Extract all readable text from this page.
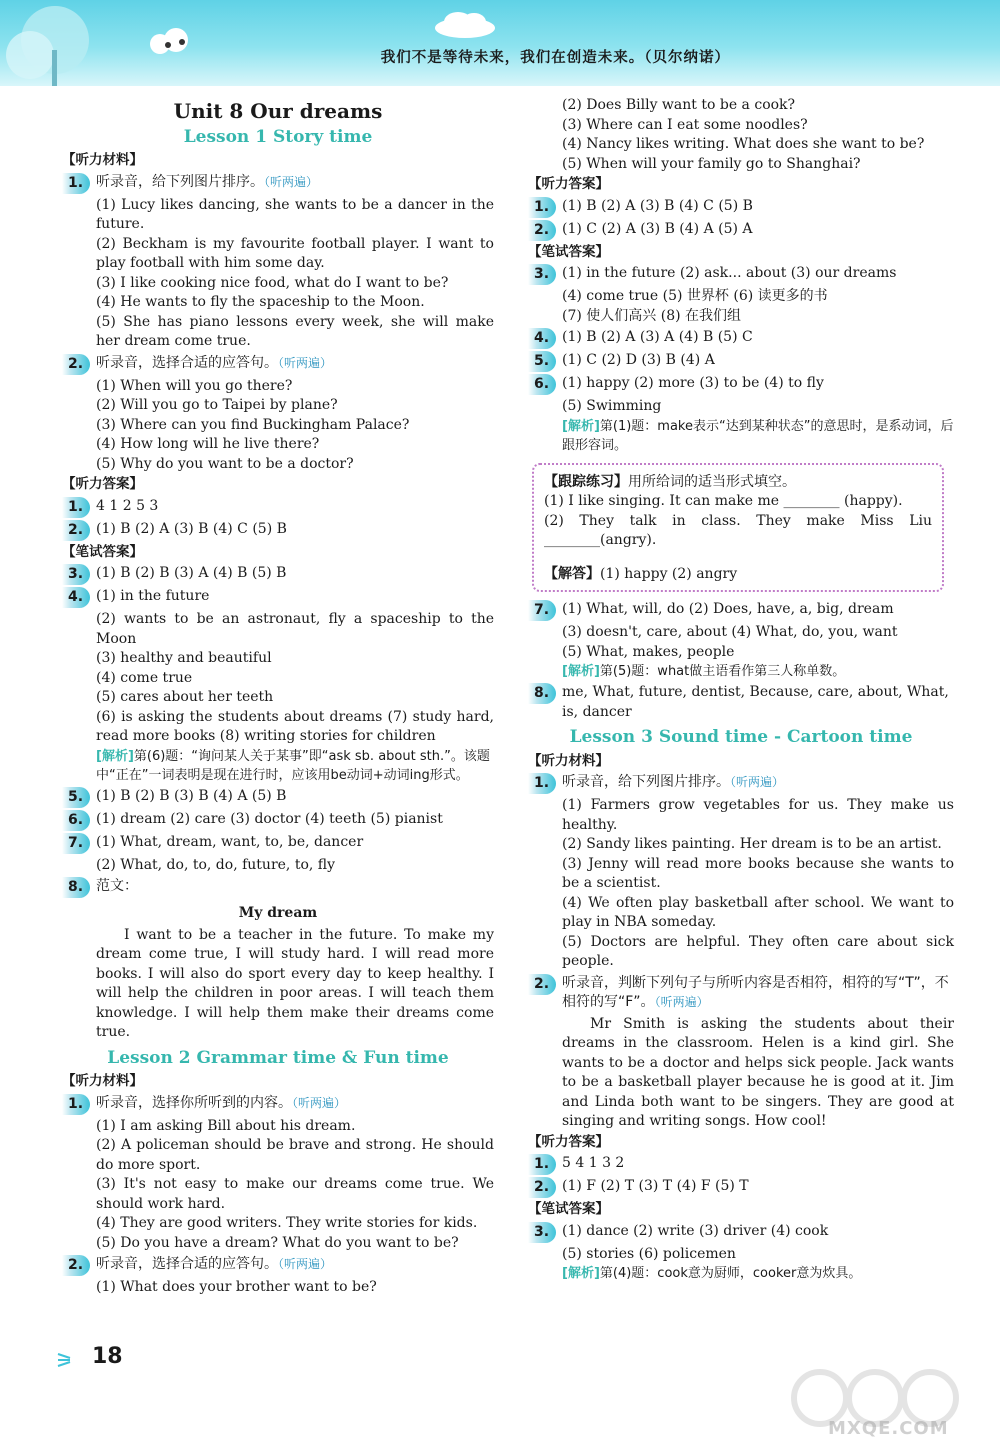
我们不是等待未来，我们在创造未来。（贝尔纳诺）
Unit 8 Our dreams
Lesson 1 Story time
【听力材料】
1. 听录音，给下列图片排序。（听两遍）
(1) Lucy likes dancing, she wants to be a dancer in the future.
(2) Beckham is my favourite football player. I want to play football with him some day.
(3) I like cooking nice food, what do I want to be?
(4) He wants to fly the spaceship to the Moon.
(5) She has piano lessons every week, she will make her dream come true.
2. 听录音，选择合适的应答句。（听两遍）
(1) When will you go there?
(2) Will you go to Taipei by plane?
(3) Where can you find Buckingham Palace?
(4) How long will he live there?
(5) Why do you want to be a doctor?
【听力答案】
1. 4 1 2 5 3
2. (1) B (2) A (3) B (4) C (5) B
【笔试答案】
3. (1) B (2) B (3) A (4) B (5) B
4. (1) in the future
(2) wants to be an astronaut, fly a spaceship to the Moon
(3) healthy and beautiful
(4) come true
(5) cares about her teeth
(6) is asking the students about dreams (7) study hard, read more books (8) writing stories for children
[解析]第(6)题：“询问某人关于某事”即“ask sb. about sth.”。该题中“正在”一词表明是现在进行时，应该用be动词+动词ing形式。
5. (1) B (2) B (3) B (4) A (5) B
6. (1) dream (2) care (3) doctor (4) teeth (5) pianist
7. (1) What, dream, want, to, be, dancer
(2) What, do, to, do, future, to, fly
8. 范文：
My dream
I want to be a teacher in the future. To make my dream come true, I will study hard. I will read more books. I will also do sport every day to keep healthy. I will help the children in poor areas. I will teach them knowledge. I will help them make their dreams come true.
Lesson 2 Grammar time & Fun time
【听力材料】
1. 听录音，选择你所听到的内容。（听两遍）
(1) I am asking Bill about his dream.
(2) A policeman should be brave and strong. He should do more sport.
(3) It's not easy to make our dreams come true. We should work hard.
(4) They are good writers. They write stories for kids.
(5) Do you have a dream? What do you want to be?
2. 听录音，选择合适的应答句。（听两遍）
(1) What does your brother want to be?
(2) Does Billy want to be a cook?
(3) Where can I eat some noodles?
(4) Nancy likes writing. What does she want to be?
(5) When will your family go to Shanghai?
【听力答案】
1. (1) B (2) A (3) B (4) C (5) B
2. (1) C (2) A (3) B (4) A (5) A
【笔试答案】
3. (1) in the future (2) ask... about (3) our dreams
(4) come true (5) 世界杯 (6) 读更多的书
(7) 使人们高兴 (8) 在我们组
4. (1) B (2) A (3) A (4) B (5) C
5. (1) C (2) D (3) B (4) A
6. (1) happy (2) more (3) to be (4) to fly
(5) Swimming
[解析]第(1)题：make表示“达到某种状态”的意思时，是系动词，后跟形容词。
【跟踪练习】用所给词的适当形式填空。
(1) I like singing. It can make me ________ (happy).
(2) They talk in class. They make Miss Liu ________(angry).
【解答】(1) happy (2) angry
7. (1) What, will, do (2) Does, have, a, big, dream
(3) doesn't, care, about (4) What, do, you, want
(5) What, makes, people
[解析]第(5)题：what做主语看作第三人称单数。
8. me, What, future, dentist, Because, care, about, What, is, dancer
Lesson 3 Sound time - Cartoon time
【听力材料】
1. 听录音，给下列图片排序。（听两遍）
(1) Farmers grow vegetables for us. They make us healthy.
(2) Sandy likes painting. Her dream is to be an artist.
(3) Jenny will read more books because she wants to be a scientist.
(4) We often play basketball after school. We want to play in NBA someday.
(5) Doctors are helpful. They often care about sick people.
2. 听录音，判断下列句子与所听内容是否相符，相符的写“T”，不相符的写“F”。（听两遍）
Mr Smith is asking the students about their dreams in the classroom. Helen is a kind girl. She wants to be a doctor and helps sick people. Jack wants to be a basketball player because he is good at it. Jim and Linda both want to be singers. They are good at singing and writing songs. How cool!
【听力答案】
1. 5 4 1 3 2
2. (1) F (2) T (3) T (4) F (5) T
【笔试答案】
3. (1) dance (2) write (3) driver (4) cook
(5) stories (6) policemen
[解析]第(4)题：cook意为厨师，cooker意为炊具。
18
MXQE.COM
